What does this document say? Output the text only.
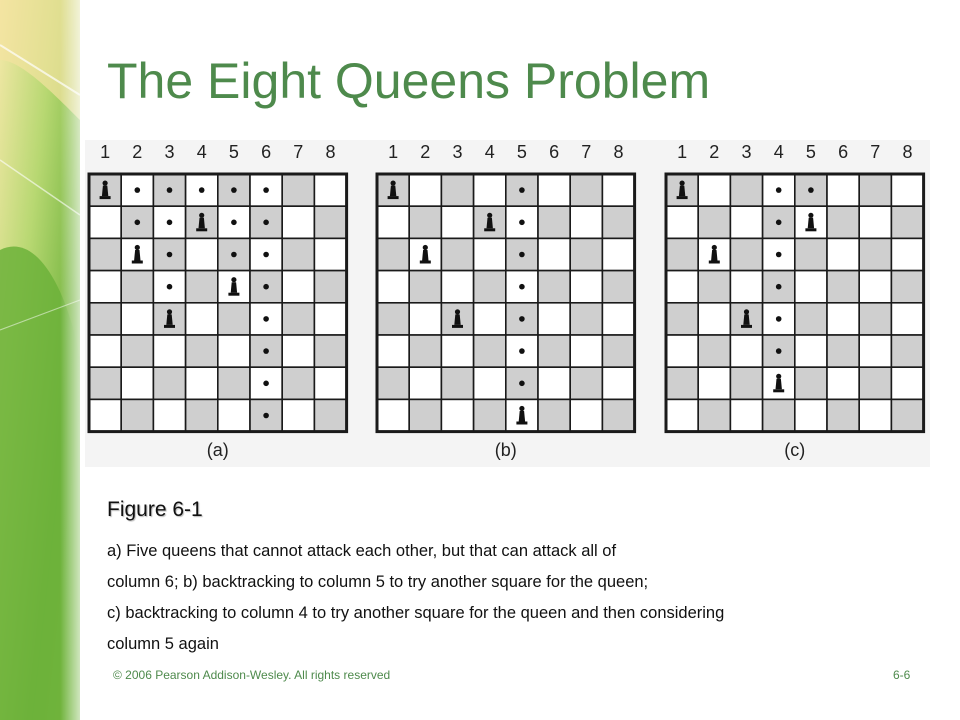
The Eight Queens Problem
1 2 3 4 5 6 7 8
(a)
1 2 3 4 5 6 7 8
(b)
1 2 3 4 5 6 7 8
(c)
Figure 6-1
a) Five queens that cannot attack each other, but that can attack all of
column 6; b) backtracking to column 5 to try another square for the queen;
c) backtracking to column 4 to try another square for the queen and then considering
column 5 again
© 2006 Pearson Addison-Wesley. All rights reserved	6-6
